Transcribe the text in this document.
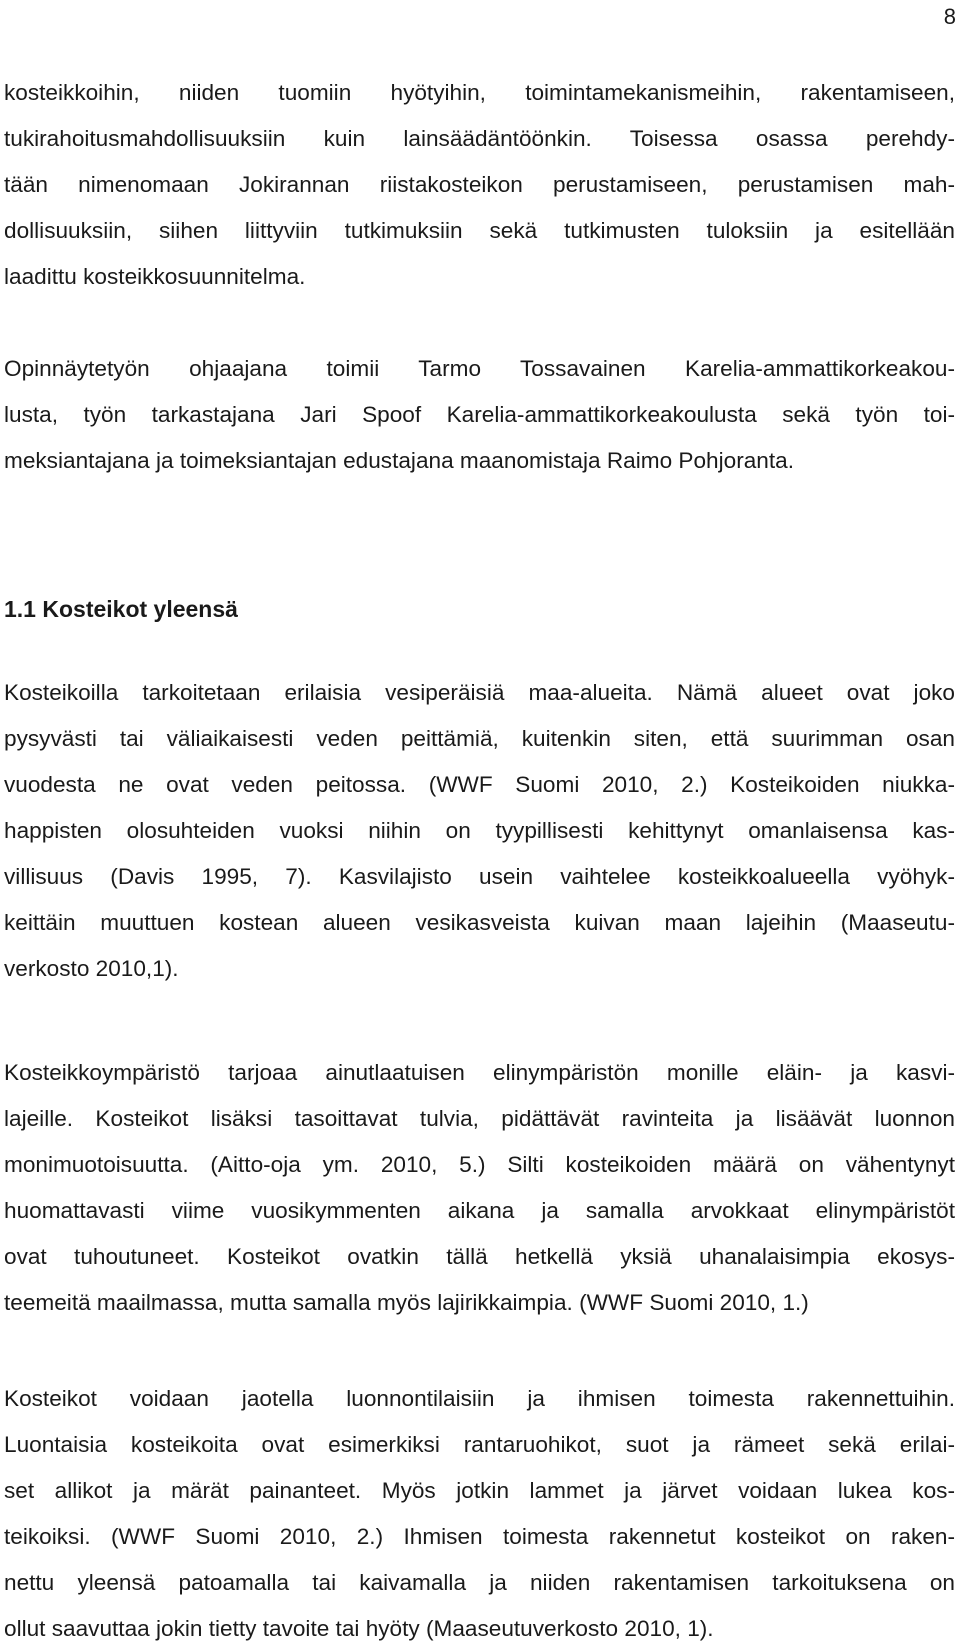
8
kosteikkoihin, niiden tuomiin hyötyihin, toimintamekanismeihin, rakentamiseen,
tukirahoitusmahdollisuuksiin kuin lainsäädäntöönkin. Toisessa osassa perehdy-
tään nimenomaan Jokirannan riistakosteikon perustamiseen, perustamisen mah-
dollisuuksiin, siihen liittyviin tutkimuksiin sekä tutkimusten tuloksiin ja esitellään
laadittu kosteikkosuunnitelma.
Opinnäytetyön ohjaajana toimii Tarmo Tossavainen Karelia-ammattikorkeakou-
lusta, työn tarkastajana Jari Spoof Karelia-ammattikorkeakoulusta sekä työn toi-
meksiantajana ja toimeksiantajan edustajana maanomistaja Raimo Pohjoranta.
1.1 Kosteikot yleensä
Kosteikoilla tarkoitetaan erilaisia vesiperäisiä maa-alueita. Nämä alueet ovat joko
pysyvästi tai väliaikaisesti veden peittämiä, kuitenkin siten, että suurimman osan
vuodesta ne ovat veden peitossa. (WWF Suomi 2010, 2.) Kosteikoiden niukka-
happisten olosuhteiden vuoksi niihin on tyypillisesti kehittynyt omanlaisensa kas-
villisuus (Davis 1995, 7). Kasvilajisto usein vaihtelee kosteikkoalueella vyöhyk-
keittäin muuttuen kostean alueen vesikasveista kuivan maan lajeihin (Maaseutu-
verkosto 2010,1).
Kosteikkoympäristö tarjoaa ainutlaatuisen elinympäristön monille eläin- ja kasvi-
lajeille. Kosteikot lisäksi tasoittavat tulvia, pidättävät ravinteita ja lisäävät luonnon
monimuotoisuutta. (Aitto-oja ym. 2010, 5.) Silti kosteikoiden määrä on vähentynyt
huomattavasti viime vuosikymmenten aikana ja samalla arvokkaat elinympäristöt
ovat tuhoutuneet. Kosteikot ovatkin tällä hetkellä yksiä uhanalaisimpia ekosys-
teemeitä maailmassa, mutta samalla myös lajirikkaimpia. (WWF Suomi 2010, 1.)
Kosteikot voidaan jaotella luonnontilaisiin ja ihmisen toimesta rakennettuihin.
Luontaisia kosteikoita ovat esimerkiksi rantaruohikot, suot ja rämeet sekä erilai-
set allikot ja märät painanteet. Myös jotkin lammet ja järvet voidaan lukea kos-
teikoiksi. (WWF Suomi 2010, 2.) Ihmisen toimesta rakennetut kosteikot on raken-
nettu yleensä patoamalla tai kaivamalla ja niiden rakentamisen tarkoituksena on
ollut saavuttaa jokin tietty tavoite tai hyöty (Maaseutuverkosto 2010, 1).
